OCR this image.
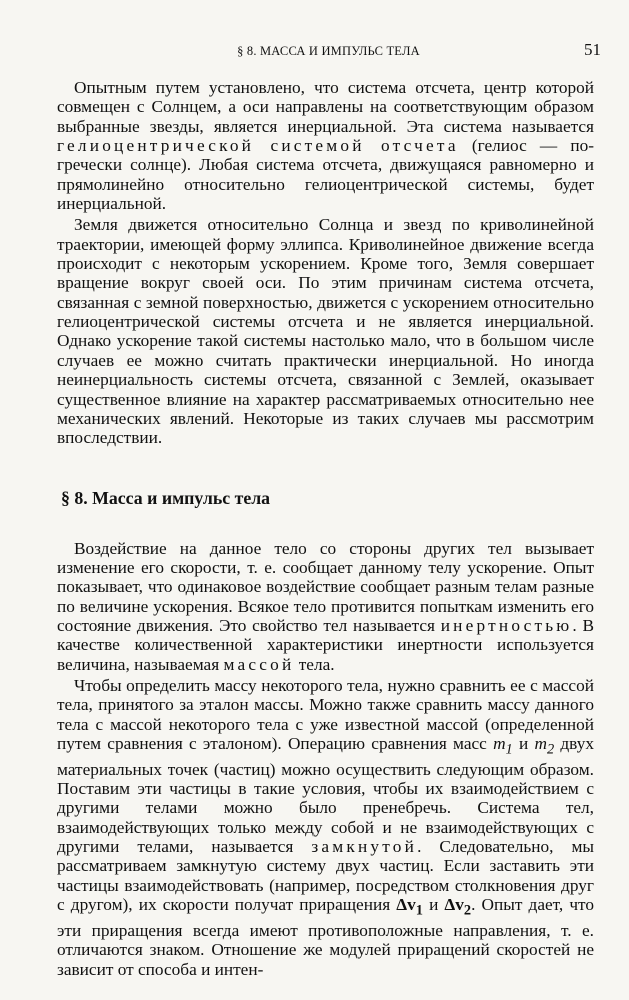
§ 8. МАССА И ИМПУЛЬС ТЕЛА	51

Опытным путем установлено, что система отсчета, центр которой совмещен с Солнцем, а оси направлены на соответствующим образом выбранные звезды, является инерциальной. Эта система называется гелиоцентрической системой отсчета (гелиос — по-гречески солнце). Любая система отсчета, движущаяся равномерно и прямолинейно относительно гелиоцентрической системы, будет инерциальной.

Земля движется относительно Солнца и звезд по криволинейной траектории, имеющей форму эллипса. Криволинейное движение всегда происходит с некоторым ускорением. Кроме того, Земля совершает вращение вокруг своей оси. По этим причинам система отсчета, связанная с земной поверхностью, движется с ускорением относительно гелиоцентрической системы отсчета и не является инерциальной. Однако ускорение такой системы настолько мало, что в большом числе случаев ее можно считать практически инерциальной. Но иногда неинерциальность системы отсчета, связанной с Землей, оказывает существенное влияние на характер рассматриваемых относительно нее механических явлений. Некоторые из таких случаев мы рассмотрим впоследствии.

§ 8. Масса и импульс тела

Воздействие на данное тело со стороны других тел вызывает изменение его скорости, т. е. сообщает данному телу ускорение. Опыт показывает, что одинаковое воздействие сообщает разным телам разные по величине ускорения. Всякое тело противится попыткам изменить его состояние движения. Это свойство тел называется инертностью. В качестве количественной характеристики инертности используется величина, называемая массой тела.

Чтобы определить массу некоторого тела, нужно сравнить ее с массой тела, принятого за эталон массы. Можно также сравнить массу данного тела с массой некоторого тела с уже известной массой (определенной путем сравнения с эталоном). Операцию сравнения масс $m_1$ и $m_2$ двух материальных точек (частиц) можно осуществить следующим образом. Поставим эти частицы в такие условия, чтобы их взаимодействием с другими телами можно было пренебречь. Система тел, взаимодействующих только между собой и не взаимодействующих с другими телами, называется замкнутой. Следовательно, мы рассматриваем замкнутую систему двух частиц. Если заставить эти частицы взаимодействовать (например, посредством столкновения друг с другом), их скорости получат приращения $\Delta v_1$ и $\Delta v_2$. Опыт дает, что эти приращения всегда имеют противоположные направления, т. е. отличаются знаком. Отношение же модулей приращений скоростей не зависит от способа и интен-
